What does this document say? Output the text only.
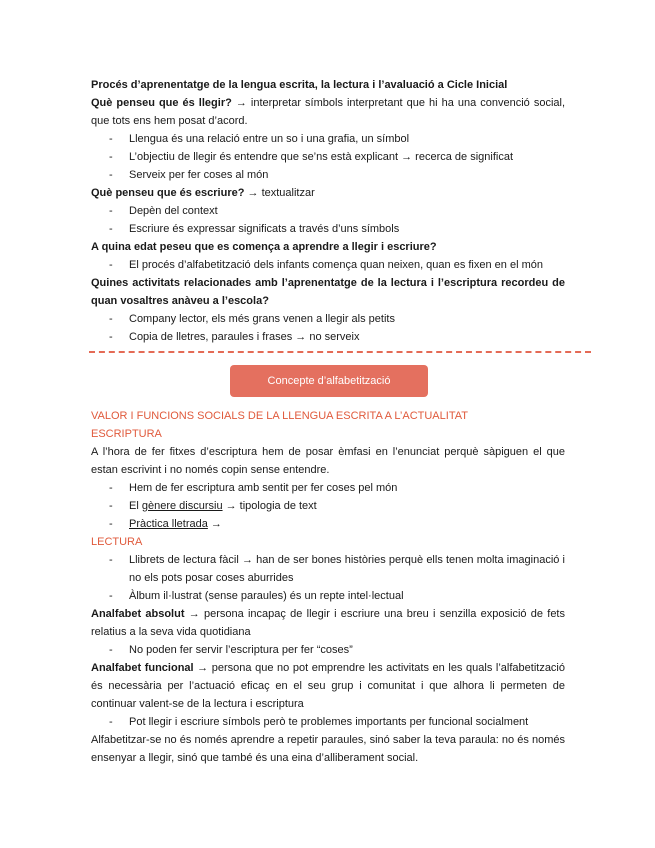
Procés d’aprenentatge de la lengua escrita, la lectura i l’avaluació a Cicle Inicial

Què penseu que és llegir? → interpretar símbols interpretant que hi ha una convenció social, que tots ens hem posat d’acord.

- Llengua és una relació entre un so i una grafia, un símbol
- L’objectiu de llegir és entendre que se’ns està explicant → recerca de significat
- Serveix per fer coses al món

Què penseu que és escriure? → textualitzar

- Depèn del context
- Escriure és expressar significats a través d’uns símbols

A quina edat peseu que es comença a aprendre a llegir i escriure?

- El procés d’alfabetització dels infants comença quan neixen, quan es fixen en el món

Quines activitats relacionades amb l’aprenentatge de la lectura i l’escriptura recordeu de quan vosaltres anàveu a l’escola?

- Company lector, els més grans venen a llegir als petits
- Copia de lletres, paraules i frases → no serveix
Concepte d’alfabetització

VALOR I FUNCIONS SOCIALS DE LA LLENGUA ESCRITA A L’ACTUALITAT

ESCRIPTURA

A l’hora de fer fitxes d’escriptura hem de posar èmfasi en l’enunciat perquè sàpiguen el que estan escrivint i no només copin sense entendre.

- Hem de fer escriptura amb sentit per fer coses pel món
- El gènere discursiu → tipologia de text
- Pràctica lletrada →

LECTURA

- Llibrets de lectura fàcil → han de ser bones històries perquè ells tenen molta imaginació i no els pots posar coses aburrides
- Àlbum il·lustrat (sense paraules) és un repte intel·lectual

Analfabet absolut → persona incapaç de llegir i escriure una breu i senzilla exposició de fets relatius a la seva vida quotidiana

- No poden fer servir l’escriptura per fer “coses”

Analfabet funcional → persona que no pot emprendre les activitats en les quals l’alfabetització és necessària per l’actuació eficaç en el seu grup i comunitat i que alhora li permeten de continuar valent-se de la lectura i escriptura

- Pot llegir i escriure símbols però te problemes importants per funcional socialment

Alfabetitzar-se no és només aprendre a repetir paraules, sinó saber la teva paraula: no és només ensenyar a llegir, sinó que també és una eina d’alliberament social.
